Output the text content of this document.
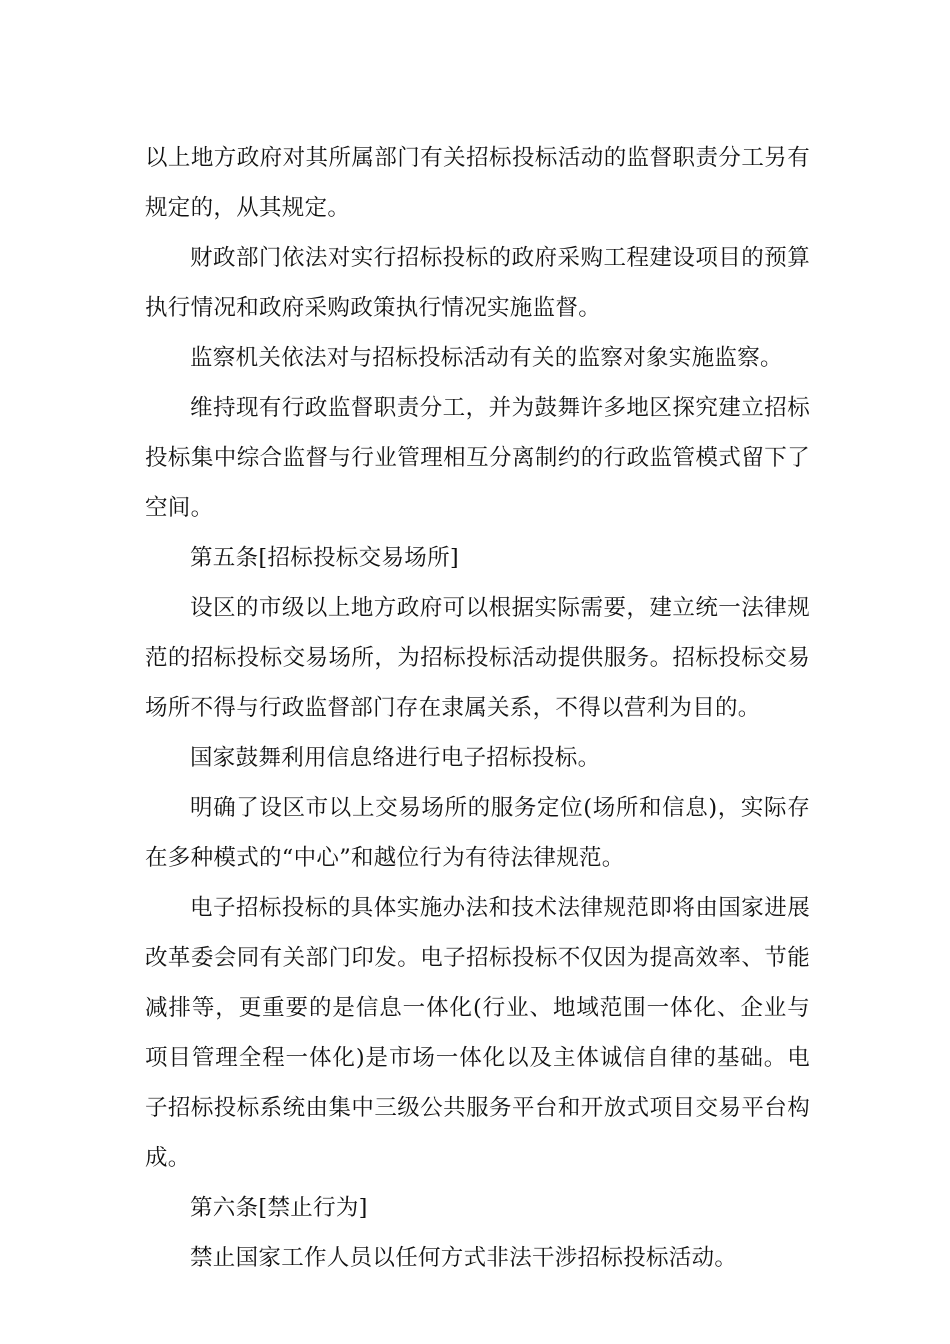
以上地方政府对其所属部门有关招标投标活动的监督职责分工另有规定的，从其规定。

财政部门依法对实行招标投标的政府采购工程建设项目的预算执行情况和政府采购政策执行情况实施监督。

监察机关依法对与招标投标活动有关的监察对象实施监察。

维持现有行政监督职责分工，并为鼓舞许多地区探究建立招标投标集中综合监督与行业管理相互分离制约的行政监管模式留下了空间。

第五条[招标投标交易场所]

设区的市级以上地方政府可以根据实际需要，建立统一法律规范的招标投标交易场所，为招标投标活动提供服务。招标投标交易场所不得与行政监督部门存在隶属关系，不得以营利为目的。

国家鼓舞利用信息络进行电子招标投标。

明确了设区市以上交易场所的服务定位(场所和信息)，实际存在多种模式的“中心”和越位行为有待法律规范。

电子招标投标的具体实施办法和技术法律规范即将由国家进展改革委会同有关部门印发。电子招标投标不仅因为提高效率、节能减排等，更重要的是信息一体化(行业、地域范围一体化、企业与项目管理全程一体化)是市场一体化以及主体诚信自律的基础。电子招标投标系统由集中三级公共服务平台和开放式项目交易平台构成。

第六条[禁止行为]

禁止国家工作人员以任何方式非法干涉招标投标活动。
